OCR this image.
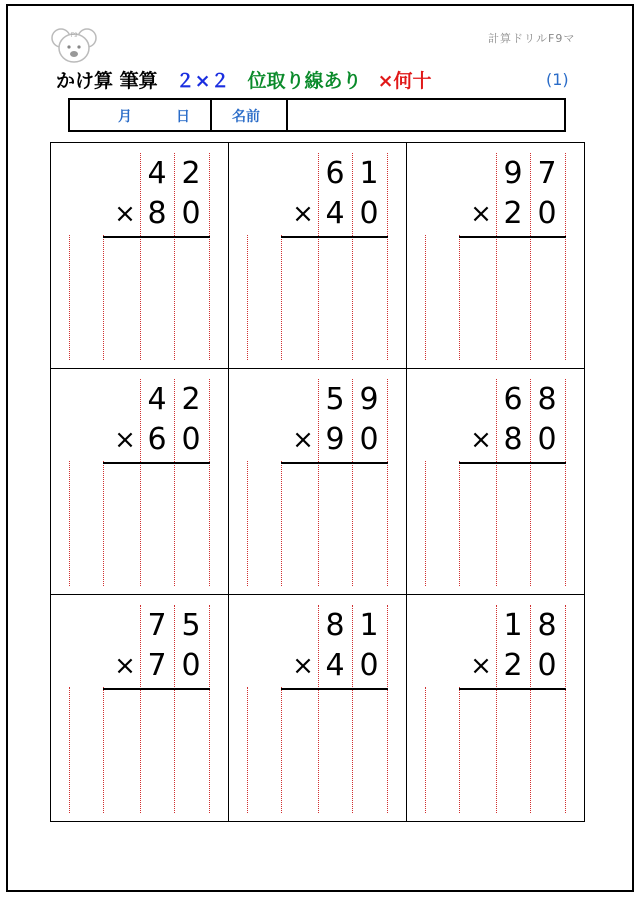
F9	計算ドリルF9マ
かけ算 筆算 ２×２ 位取り線あり ×何十	(1)
月	日	名前
4 2
× 8 0
6 1
× 4 0
9 7
× 2 0
4 2
× 6 0
5 9
× 9 0
6 8
× 8 0
7 5
× 7 0
8 1
× 4 0
1 8
× 2 0
